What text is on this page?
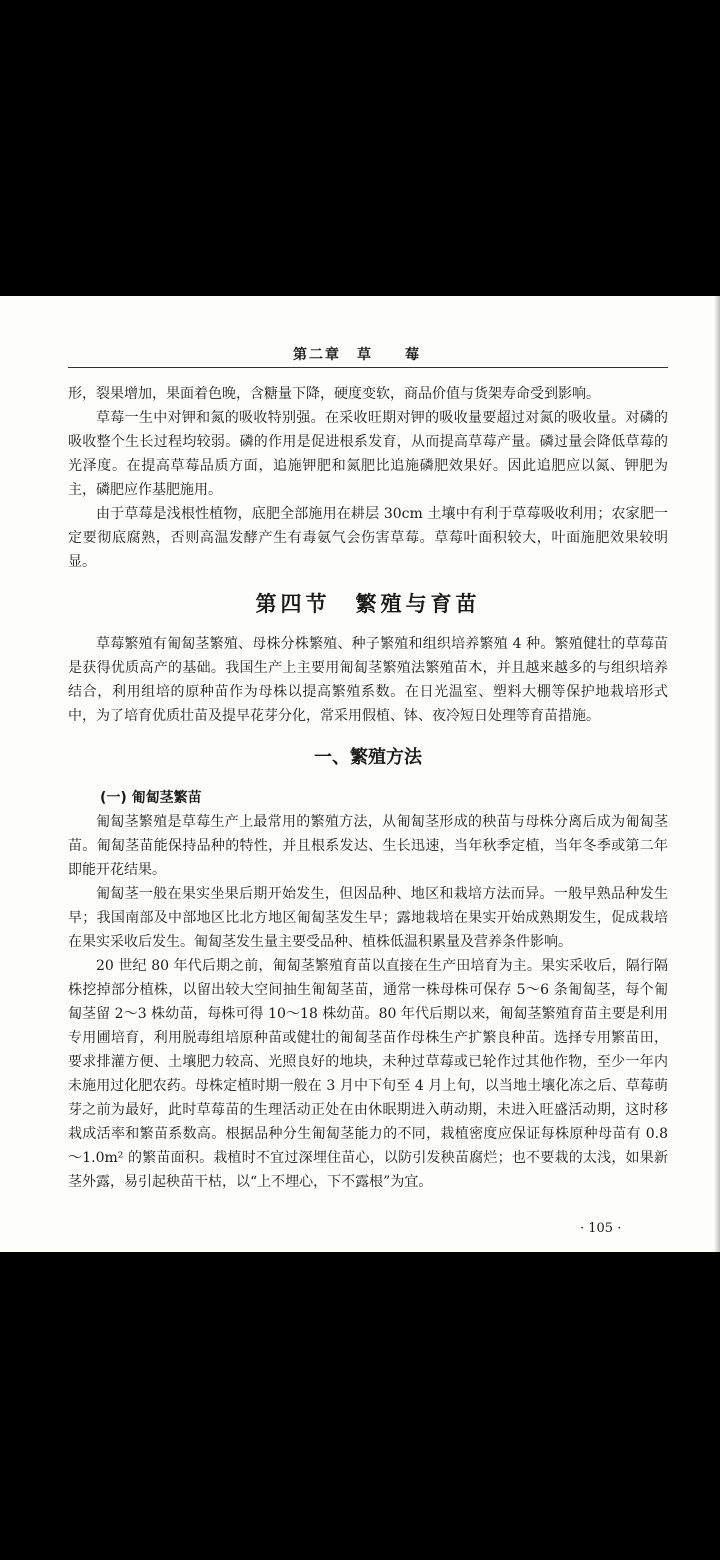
第二章　草　　莓

形，裂果增加，果面着色晚，含糖量下降，硬度变软，商品价值与货架寿命受到影响。

草莓一生中对钾和氮的吸收特别强。在采收旺期对钾的吸收量要超过对氮的吸收量。对磷的吸收整个生长过程均较弱。磷的作用是促进根系发育，从而提高草莓产量。磷过量会降低草莓的光泽度。在提高草莓品质方面，追施钾肥和氮肥比追施磷肥效果好。因此追肥应以氮、钾肥为主，磷肥应作基肥施用。

由于草莓是浅根性植物，底肥全部施用在耕层 30cm 土壤中有利于草莓吸收利用；农家肥一定要彻底腐熟，否则高温发酵产生有毒氨气会伤害草莓。草莓叶面积较大，叶面施肥效果较明显。

第四节　繁殖与育苗

草莓繁殖有匍匐茎繁殖、母株分株繁殖、种子繁殖和组织培养繁殖 4 种。繁殖健壮的草莓苗是获得优质高产的基础。我国生产上主要用匍匐茎繁殖法繁殖苗木，并且越来越多的与组织培养结合，利用组培的原种苗作为母株以提高繁殖系数。在日光温室、塑料大棚等保护地栽培形式中，为了培育优质壮苗及提早花芽分化，常采用假植、钵、夜冷短日处理等育苗措施。

一、繁殖方法
(一) 匍匐茎繁苗

匍匐茎繁殖是草莓生产上最常用的繁殖方法，从匍匐茎形成的秧苗与母株分离后成为匍匐茎苗。匍匐茎苗能保持品种的特性，并且根系发达、生长迅速，当年秋季定植，当年冬季或第二年即能开花结果。

匍匐茎一般在果实坐果后期开始发生，但因品种、地区和栽培方法而异。一般早熟品种发生早；我国南部及中部地区比北方地区匍匐茎发生早；露地栽培在果实开始成熟期发生，促成栽培在果实采收后发生。匍匐茎发生量主要受品种、植株低温积累量及营养条件影响。

20 世纪 80 年代后期之前，匍匐茎繁殖育苗以直接在生产田培育为主。果实采收后，隔行隔株挖掉部分植株，以留出较大空间抽生匍匐茎苗，通常一株母株可保存 5～6 条匍匐茎，每个匍匐茎留 2～3 株幼苗，每株可得 10～18 株幼苗。80 年代后期以来，匍匐茎繁殖育苗主要是利用专用圃培育，利用脱毒组培原种苗或健壮的匍匐茎苗作母株生产扩繁良种苗。选择专用繁苗田，要求排灌方便、土壤肥力较高、光照良好的地块，未种过草莓或已轮作过其他作物，至少一年内未施用过化肥农药。母株定植时期一般在 3 月中下旬至 4 月上旬，以当地土壤化冻之后、草莓萌芽之前为最好，此时草莓苗的生理活动正处在由休眠期进入萌动期，未进入旺盛活动期，这时移栽成活率和繁苗系数高。根据品种分生匍匐茎能力的不同，栽植密度应保证每株原种母苗有 0.8～1.0m² 的繁苗面积。栽植时不宜过深埋住苗心，以防引发秧苗腐烂；也不要栽的太浅，如果新茎外露，易引起秧苗干枯，以“上不埋心，下不露根”为宜。

· 105 ·
